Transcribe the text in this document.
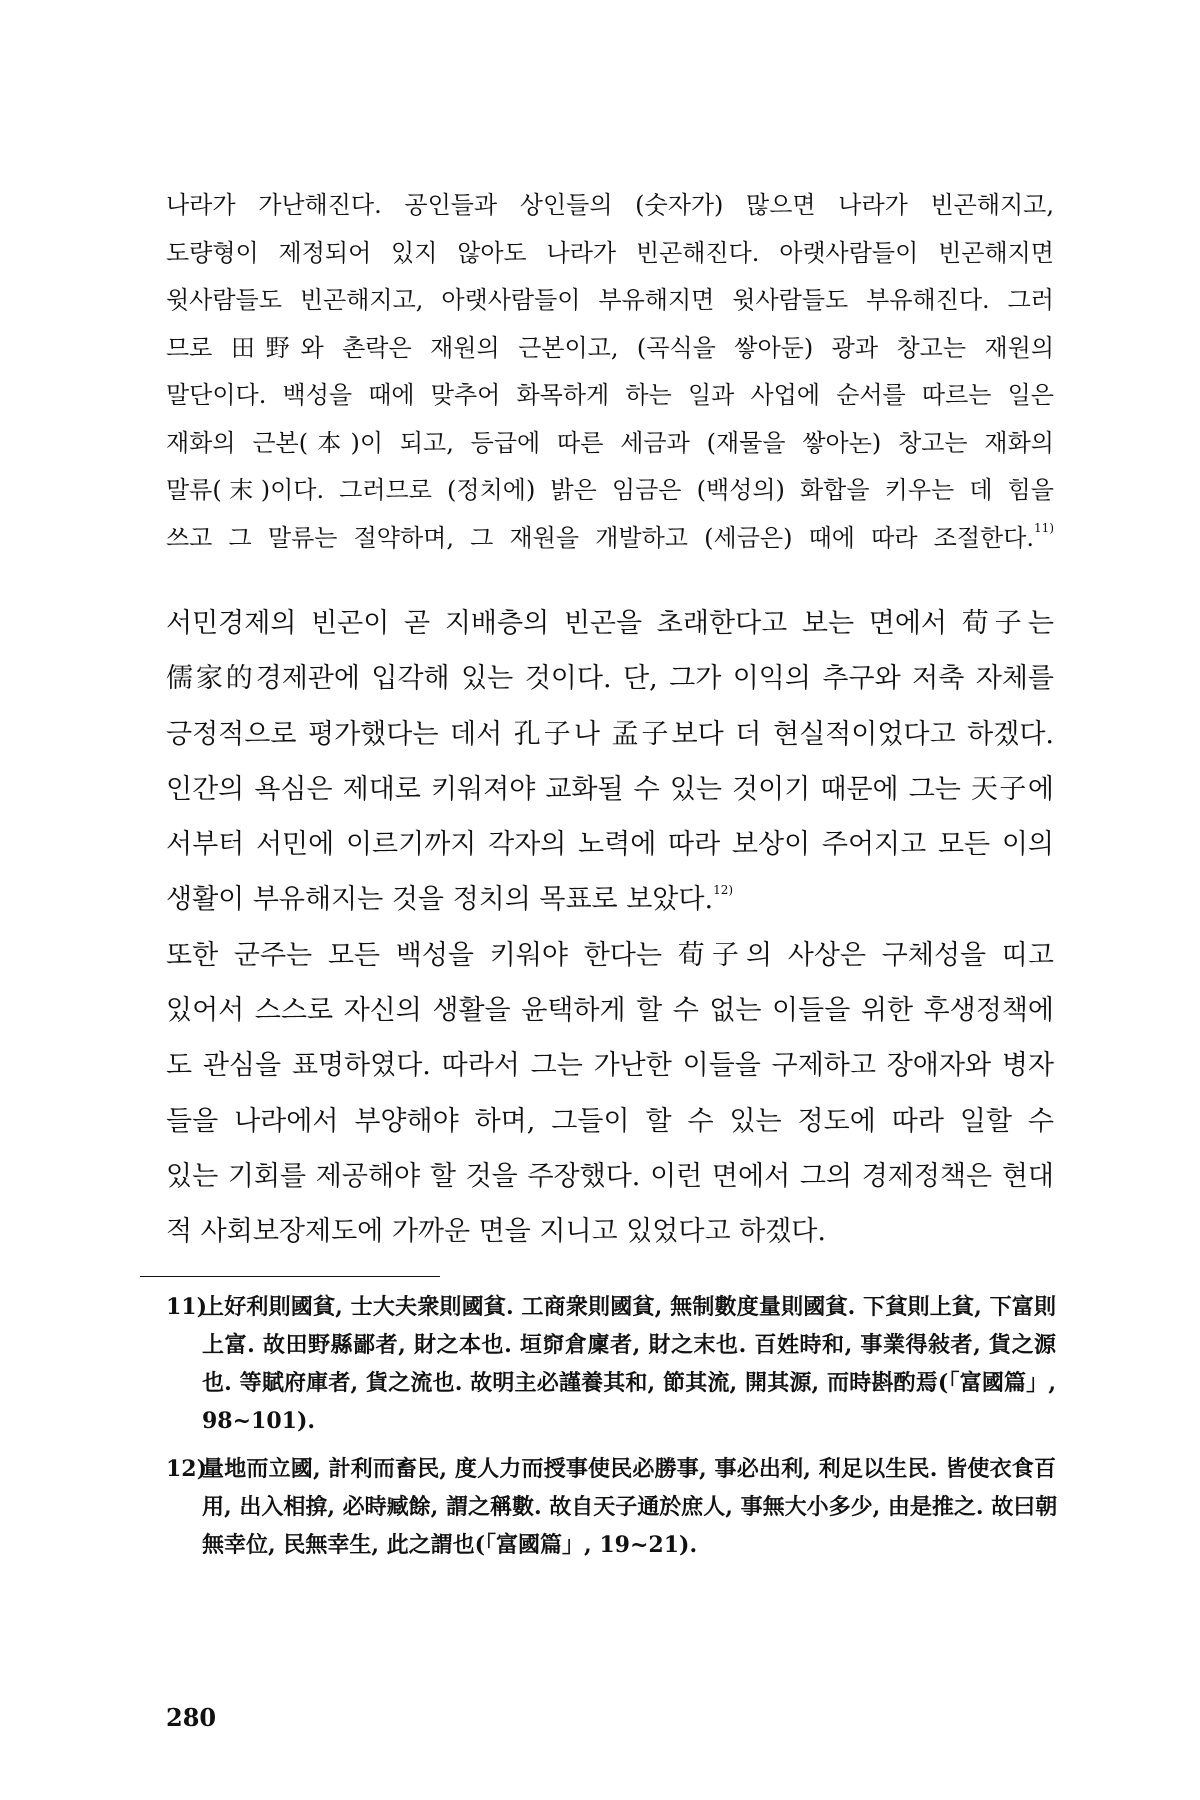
나라가 가난해진다. 공인들과 상인들의 (숫자가) 많으면 나라가 빈곤해지고,
도량형이 제정되어 있지 않아도 나라가 빈곤해진다. 아랫사람들이 빈곤해지면
윗사람들도 빈곤해지고, 아랫사람들이 부유해지면 윗사람들도 부유해진다. 그러
므로 田野와 촌락은 재원의 근본이고, (곡식을 쌓아둔) 광과 창고는 재원의
말단이다. 백성을 때에 맞추어 화목하게 하는 일과 사업에 순서를 따르는 일은
재화의 근본(本)이 되고, 등급에 따른 세금과 (재물을 쌓아논) 창고는 재화의
말류(末)이다. 그러므로 (정치에) 밝은 임금은 (백성의) 화합을 키우는 데 힘을
쓰고 그 말류는 절약하며, 그 재원을 개발하고 (세금은) 때에 따라 조절한다.$^{11)}$
서민경제의 빈곤이 곧 지배층의 빈곤을 초래한다고 보는 면에서 荀子는
儒家的경제관에 입각해 있는 것이다. 단, 그가 이익의 추구와 저축 자체를
긍정적으로 평가했다는 데서 孔子나 孟子보다 더 현실적이었다고 하겠다.
인간의 욕심은 제대로 키워져야 교화될 수 있는 것이기 때문에 그는 天子에
서부터 서민에 이르기까지 각자의 노력에 따라 보상이 주어지고 모든 이의
생활이 부유해지는 것을 정치의 목표로 보았다.$^{12)}$
또한 군주는 모든 백성을 키워야 한다는 荀子의 사상은 구체성을 띠고
있어서 스스로 자신의 생활을 윤택하게 할 수 없는 이들을 위한 후생정책에
도 관심을 표명하였다. 따라서 그는 가난한 이들을 구제하고 장애자와 병자
들을 나라에서 부양해야 하며, 그들이 할 수 있는 정도에 따라 일할 수
있는 기회를 제공해야 할 것을 주장했다. 이런 면에서 그의 경제정책은 현대
적 사회보장제도에 가까운 면을 지니고 있었다고 하겠다.
11)
上好利則國貧, 士大夫衆則國貧. 工商衆則國貧, 無制數度量則國貧. 下貧則上貧, 下富則
上富. 故田野縣鄙者, 財之本也. 垣窌倉廩者, 財之末也. 百姓時和, 事業得敍者, 貨之源
也. 等賦府庫者, 貨之流也. 故明主必謹養其和, 節其流, 開其源, 而時斟酌焉(「富國篇」,
98~101).
12)
量地而立國, 計利而畜民, 度人力而授事使民必勝事, 事必出利, 利足以生民. 皆使衣食百
用, 出入相揜, 必時臧餘, 謂之稱數. 故自天子通於庶人, 事無大小多少, 由是推之. 故曰朝
無幸位, 民無幸生, 此之謂也(「富國篇」, 19~21).
280
